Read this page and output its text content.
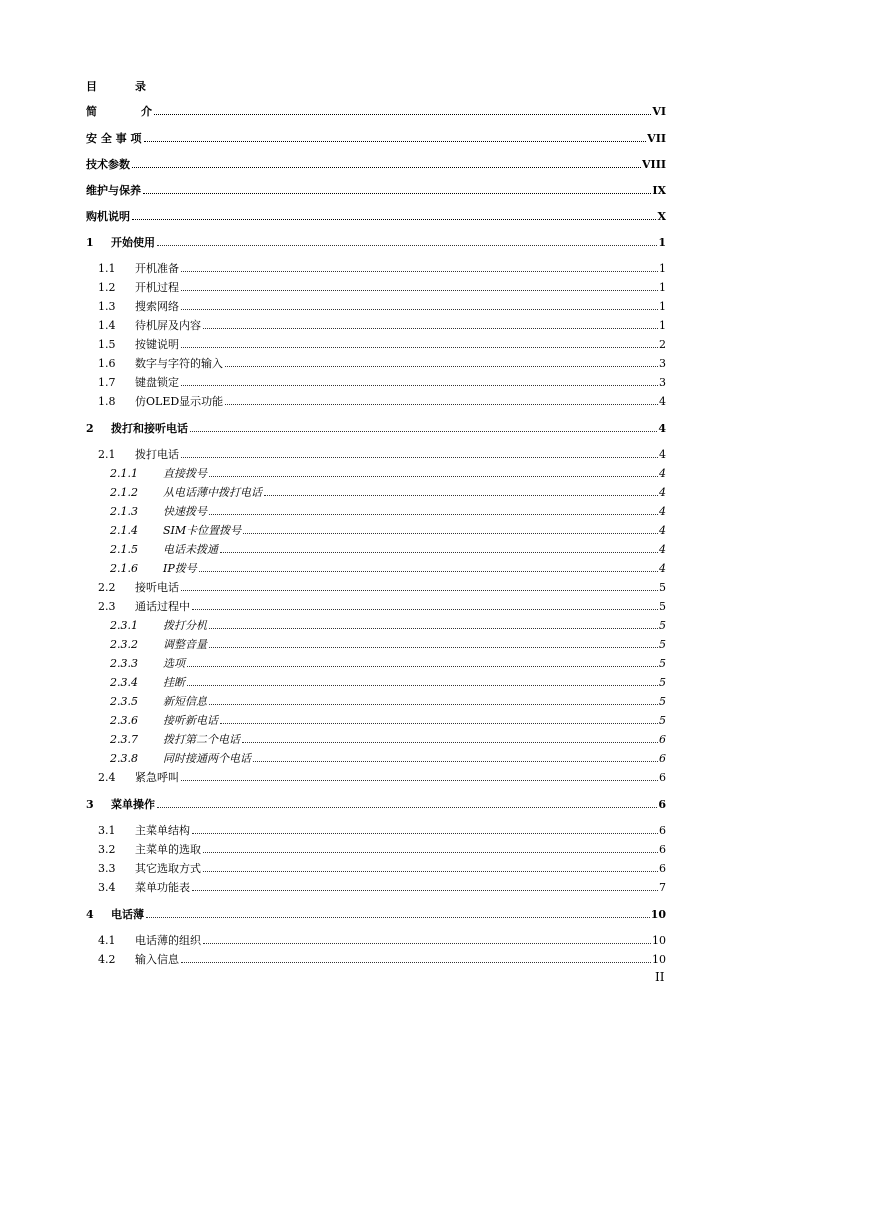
目	录
简　　　　介	VI
安 全 事 项	VII
技术参数	VIII
维护与保养	IX
购机说明	X
1	开始使用	1
1.1	开机准备	1
1.2	开机过程	1
1.3	搜索网络	1
1.4	待机屏及内容	1
1.5	按键说明	2
1.6	数字与字符的输入	3
1.7	键盘锁定	3
1.8	仿OLED显示功能	4
2	拨打和接听电话	4
2.1	拨打电话	4
2.1.1	直接拨号	4
2.1.2	从电话薄中拨打电话	4
2.1.3	快速拨号	4
2.1.4	SIM卡位置拨号	4
2.1.5	电话未拨通	4
2.1.6	IP拨号	4
2.2	接听电话	5
2.3	通话过程中	5
2.3.1	拨打分机	5
2.3.2	调整音量	5
2.3.3	选项	5
2.3.4	挂断	5
2.3.5	新短信息	5
2.3.6	接听新电话	5
2.3.7	拨打第二个电话	6
2.3.8	同时接通两个电话	6
2.4	紧急呼叫	6
3	菜单操作	6
3.1	主菜单结构	6
3.2	主菜单的选取	6
3.3	其它选取方式	6
3.4	菜单功能表	7
4	电话薄	10
4.1	电话薄的组织	10
4.2	输入信息	10
II
